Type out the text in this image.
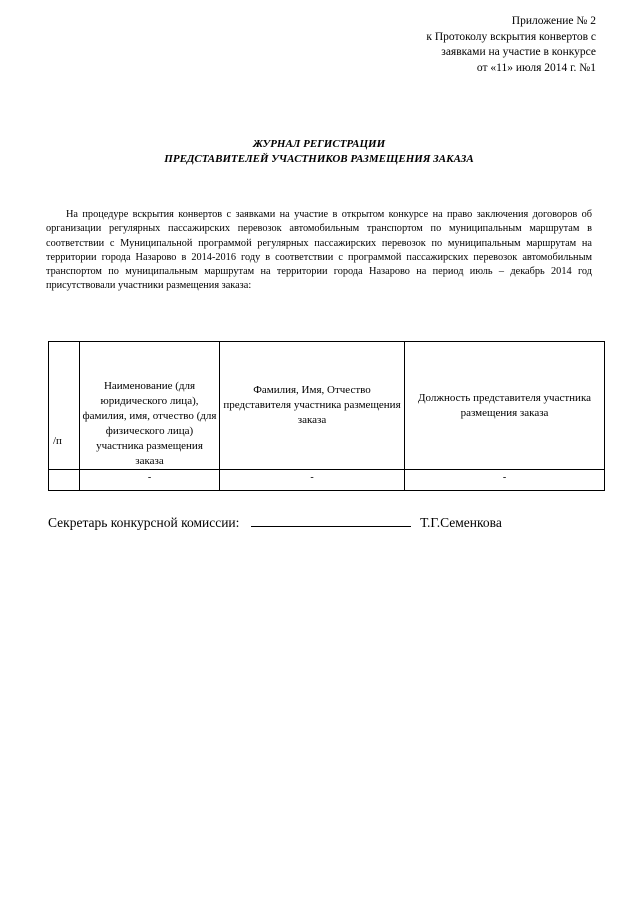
Приложение № 2
к Протоколу вскрытия конвертов с
заявками на участие в конкурсе
от «11» июля 2014 г. №1
ЖУРНАЛ РЕГИСТРАЦИИ
ПРЕДСТАВИТЕЛЕЙ УЧАСТНИКОВ РАЗМЕЩЕНИЯ ЗАКАЗА
На процедуре вскрытия конвертов с заявками на участие в открытом конкурсе на право заключения договоров об организации регулярных пассажирских перевозок автомобильным транспортом по муниципальным маршрутам в соответствии с Муниципальной программой регулярных пассажирских перевозок по муниципальным маршрутам на территории города Назарово в 2014-2016 году в соответствии с программой пассажирских перевозок автомобильным транспортом по муниципальным маршрутам на территории города Назарово на период июль – декабрь 2014 год присутствовали участники размещения заказа:
/п	Наименование (для юридического лица), фамилия, имя, отчество (для физического лица) участника размещения заказа	Фамилия, Имя, Отчество представителя участника размещения заказа	Должность представителя участника размещения заказа
	-	-	-
Секретарь конкурсной комиссии:	Т.Г.Семенкова
